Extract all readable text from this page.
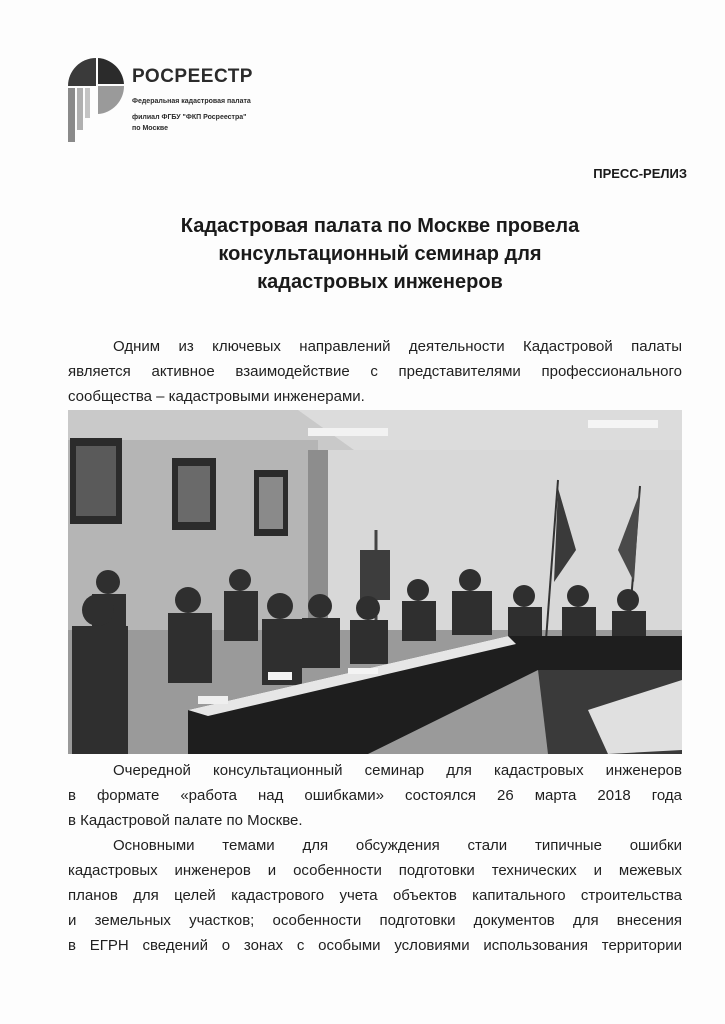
РОСРЕЕСТР
Федеральная кадастровая палата
филиал ФГБУ "ФКП Росреестра"
по Москве
ПРЕСС-РЕЛИЗ
Кадастровая палата по Москве провела
консультационный семинар для
кадастровых инженеров
Одним из ключевых направлений деятельности Кадастровой палаты
является активное взаимодействие с представителями профессионального
сообщества – кадастровыми инженерами.
Очередной консультационный семинар для кадастровых инженеров
в формате «работа над ошибками» состоялся 26 марта 2018 года
в Кадастровой палате по Москве.
Основными темами для обсуждения стали типичные ошибки
кадастровых инженеров и особенности подготовки технических и межевых
планов для целей кадастрового учета объектов капитального строительства
и земельных участков; особенности подготовки документов для внесения
в ЕГРН сведений о зонах с особыми условиями использования территории
